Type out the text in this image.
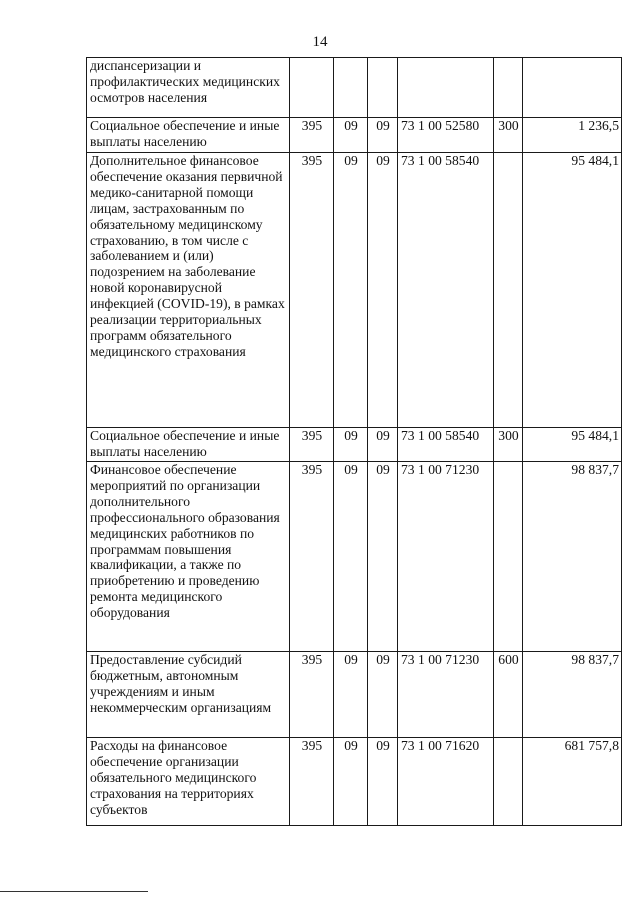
14
диспансеризации и профилактических медицинских осмотров населения						
Социальное обеспечение и иные выплаты населению	395	09	09	73 1 00 52580	300	1 236,5
Дополнительное финансовое обеспечение оказания первичной медико-санитарной помощи лицам, застрахованным по обязательному медицинскому страхованию, в том числе с заболеванием и (или) подозрением на заболевание новой коронавирусной инфекцией (COVID-19), в рамках реализации территориальных программ обязательного медицинского страхования	395	09	09	73 1 00 58540		95 484,1
Социальное обеспечение и иные выплаты населению	395	09	09	73 1 00 58540	300	95 484,1
Финансовое обеспечение мероприятий по организации дополнительного профессионального образования медицинских работников по программам повышения квалификации, а также по приобретению и проведению ремонта медицинского оборудования	395	09	09	73 1 00 71230		98 837,7
Предоставление субсидий бюджетным, автономным учреждениям и иным некоммерческим организациям	395	09	09	73 1 00 71230	600	98 837,7
Расходы на финансовое обеспечение организации обязательного медицинского страхования на территориях субъектов	395	09	09	73 1 00 71620		681 757,8
